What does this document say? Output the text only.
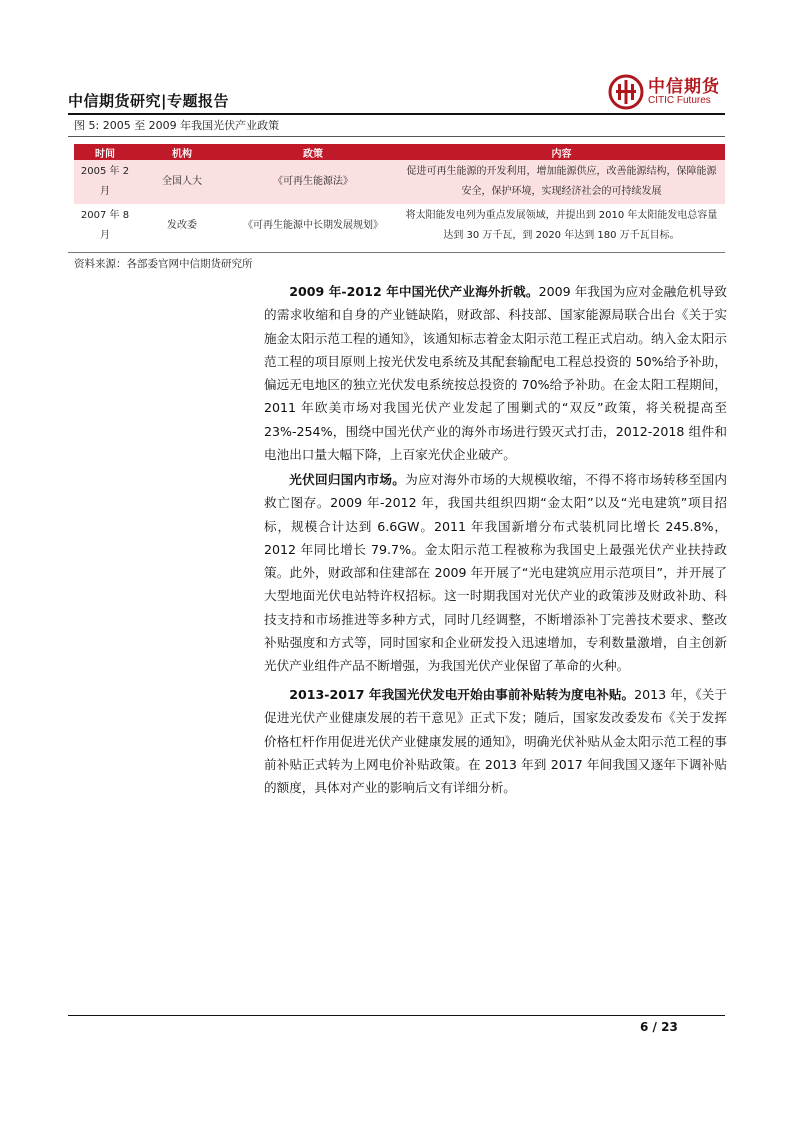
中信期货研究|专题报告
中信期货
CITIC Futures
图 5: 2005 至 2009 年我国光伏产业政策
时间	机构	政策	内容
2005 年 2 月	全国人大	《可再生能源法》	促进可再生能源的开发利用，增加能源供应，改善能源结构，保障能源安全，保护环境，实现经济社会的可持续发展
2007 年 8 月	发改委	《可再生能源中长期发展规划》	将太阳能发电列为重点发展领域，并提出到 2010 年太阳能发电总容量达到 30 万千瓦，到 2020 年达到 180 万千瓦目标。
资料来源：各部委官网中信期货研究所

2009 年-2012 年中国光伏产业海外折戟。2009 年我国为应对金融危机导致的需求收缩和自身的产业链缺陷，财政部、科技部、国家能源局联合出台《关于实施金太阳示范工程的通知》，该通知标志着金太阳示范工程正式启动。纳入金太阳示范工程的项目原则上按光伏发电系统及其配套输配电工程总投资的 50%给予补助，偏远无电地区的独立光伏发电系统按总投资的 70%给予补助。在金太阳工程期间，2011 年欧美市场对我国光伏产业发起了围剿式的“双反”政策，将关税提高至 23%-254%，围绕中国光伏产业的海外市场进行毁灭式打击，2012-2018 组件和电池出口量大幅下降，上百家光伏企业破产。

光伏回归国内市场。为应对海外市场的大规模收缩，不得不将市场转移至国内救亡图存。2009 年-2012 年，我国共组织四期“金太阳”以及“光电建筑”项目招标，规模合计达到 6.6GW。2011 年我国新增分布式装机同比增长 245.8%，2012 年同比增长 79.7%。金太阳示范工程被称为我国史上最强光伏产业扶持政策。此外，财政部和住建部在 2009 年开展了“光电建筑应用示范项目”，并开展了大型地面光伏电站特许权招标。这一时期我国对光伏产业的政策涉及财政补助、科技支持和市场推进等多种方式，同时几经调整，不断增添补丁完善技术要求、整改补贴强度和方式等，同时国家和企业研发投入迅速增加，专利数量激增，自主创新光伏产业组件产品不断增强，为我国光伏产业保留了革命的火种。

2013-2017 年我国光伏发电开始由事前补贴转为度电补贴。2013 年，《关于促进光伏产业健康发展的若干意见》正式下发；随后，国家发改委发布《关于发挥价格杠杆作用促进光伏产业健康发展的通知》，明确光伏补贴从金太阳示范工程的事前补贴正式转为上网电价补贴政策。在 2013 年到 2017 年间我国又逐年下调补贴的额度，具体对产业的影响后文有详细分析。

6 / 23
